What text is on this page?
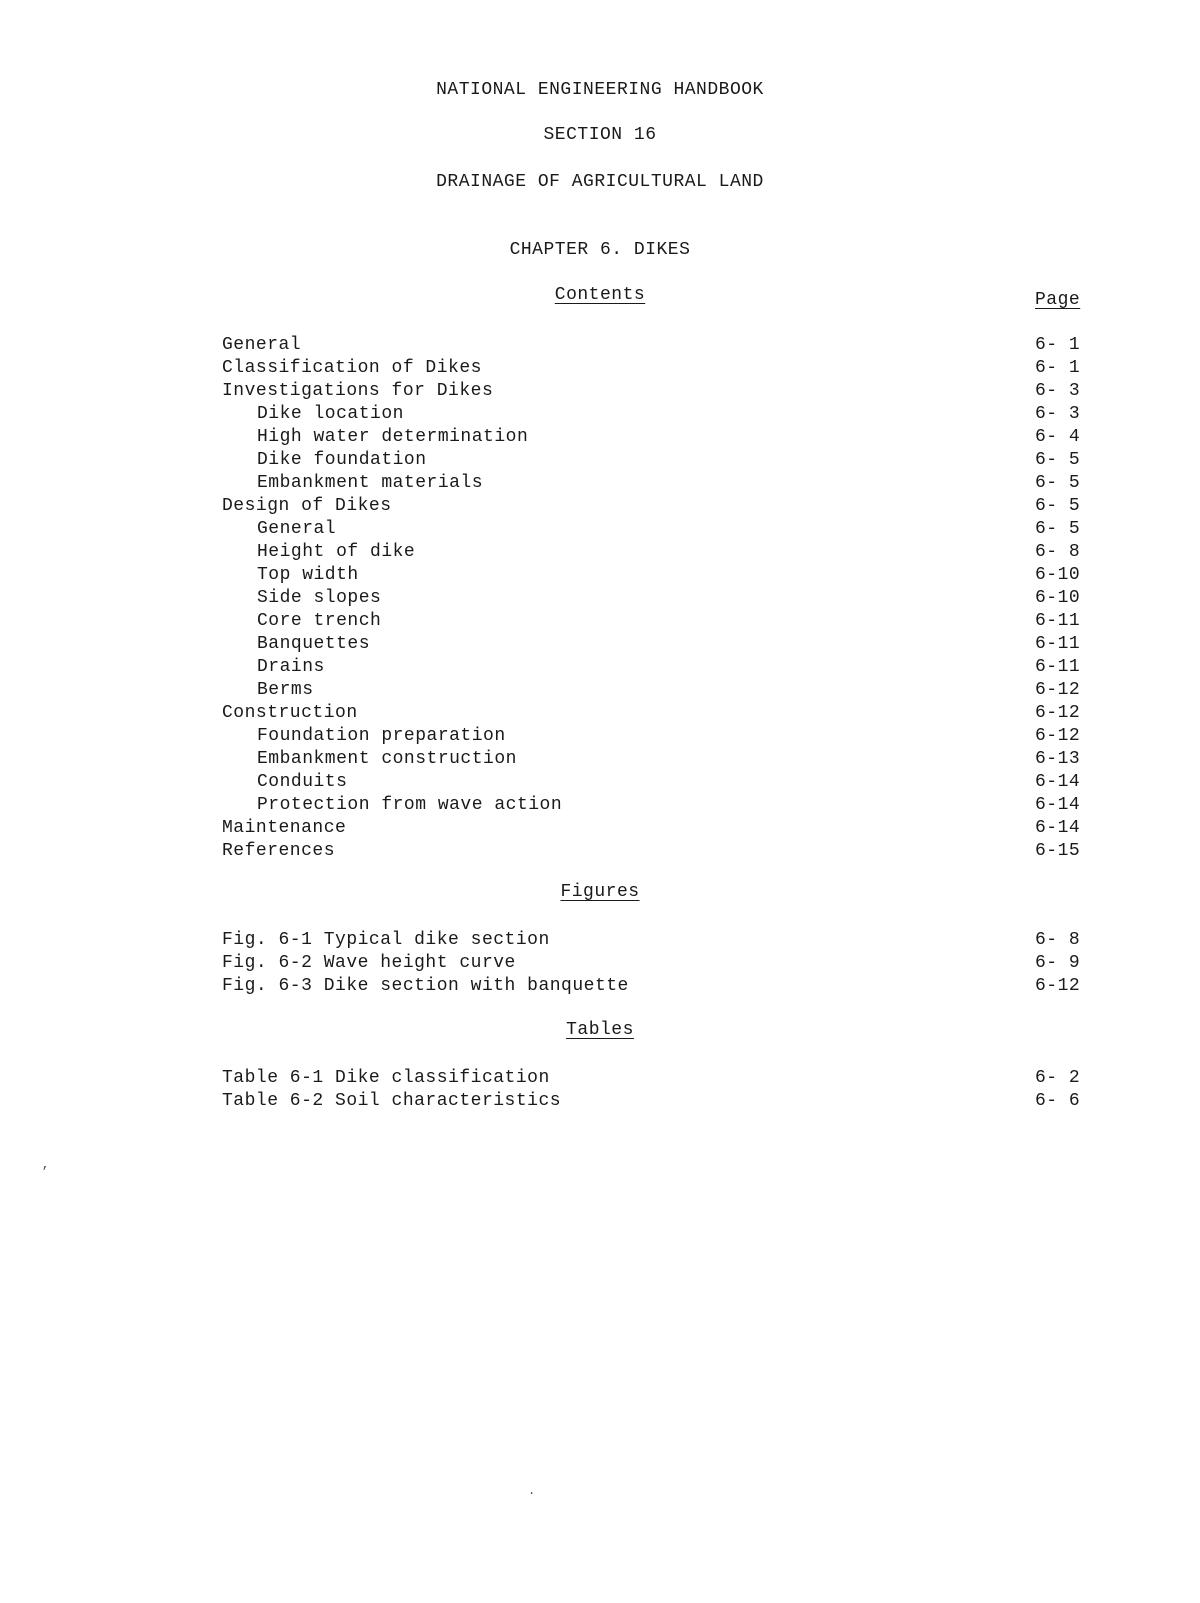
NATIONAL ENGINEERING HANDBOOK
SECTION 16
DRAINAGE OF AGRICULTURAL LAND
CHAPTER 6. DIKES
Contents	Page
General	6- 1
Classification of Dikes	6- 1
Investigations for Dikes	6- 3
Dike location	6- 3
High water determination	6- 4
Dike foundation	6- 5
Embankment materials	6- 5
Design of Dikes	6- 5
General	6- 5
Height of dike	6- 8
Top width	6-10
Side slopes	6-10
Core trench	6-11
Banquettes	6-11
Drains	6-11
Berms	6-12
Construction	6-12
Foundation preparation	6-12
Embankment construction	6-13
Conduits	6-14
Protection from wave action	6-14
Maintenance	6-14
References	6-15
Figures
Fig. 6-1 Typical dike section	6- 8
Fig. 6-2 Wave height curve	6- 9
Fig. 6-3 Dike section with banquette	6-12
Tables
Table 6-1 Dike classification	6- 2
Table 6-2 Soil characteristics	6- 6
,
.
